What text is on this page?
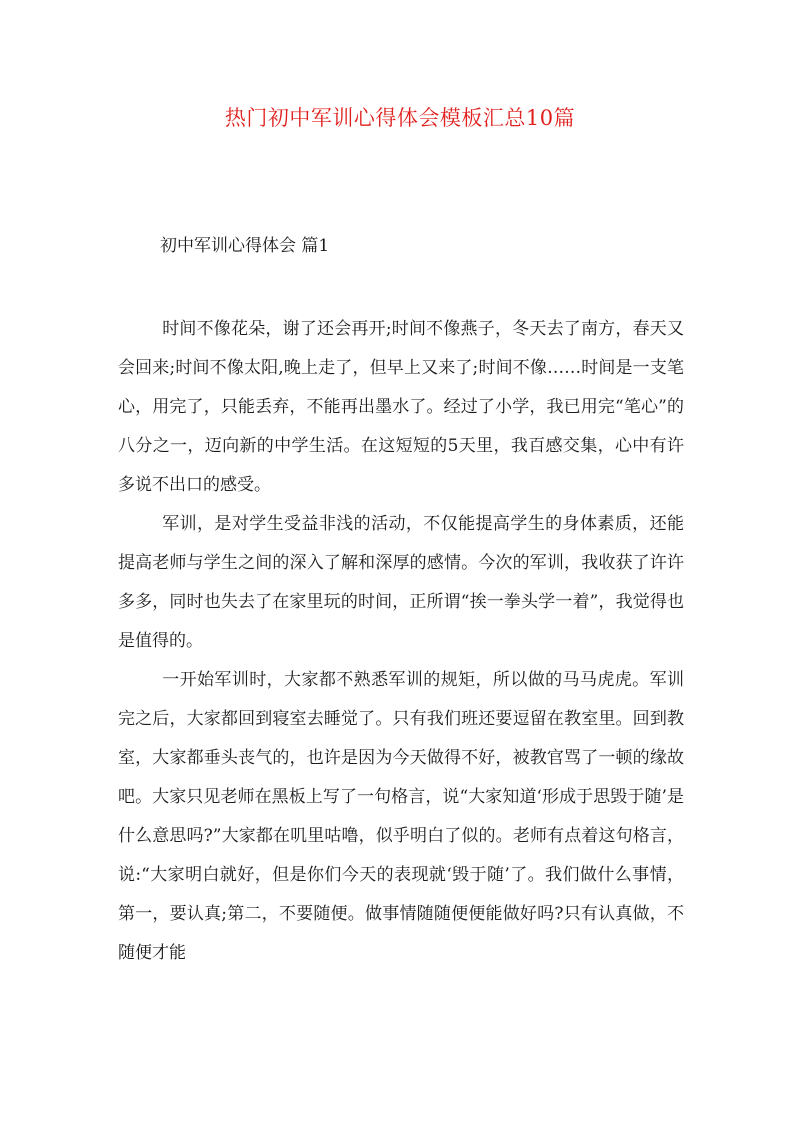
热门初中军训心得体会模板汇总10篇
初中军训心得体会 篇1

时间不像花朵，谢了还会再开;时间不像燕子，冬天去了南方，春天又会回来;时间不像太阳,晚上走了，但早上又来了;时间不像……时间是一支笔心，用完了，只能丢弃，不能再出墨水了。经过了小学，我已用完“笔心”的八分之一，迈向新的中学生活。在这短短的5天里，我百感交集，心中有许多说不出口的感受。

军训，是对学生受益非浅的活动，不仅能提高学生的身体素质，还能提高老师与学生之间的深入了解和深厚的感情。今次的军训，我收获了许许多多，同时也失去了在家里玩的时间，正所谓“挨一拳头学一着”，我觉得也是值得的。

一开始军训时，大家都不熟悉军训的规矩，所以做的马马虎虎。军训完之后，大家都回到寝室去睡觉了。只有我们班还要逗留在教室里。回到教室，大家都垂头丧气的，也许是因为今天做得不好，被教官骂了一顿的缘故吧。大家只见老师在黑板上写了一句格言，说“大家知道‘形成于思毁于随’是什么意思吗?”大家都在叽里咕噜，似乎明白了似的。老师有点着这句格言，说:“大家明白就好，但是你们今天的表现就‘毁于随’了。我们做什么事情，第一，要认真;第二，不要随便。做事情随随便便能做好吗?只有认真做，不随便才能
